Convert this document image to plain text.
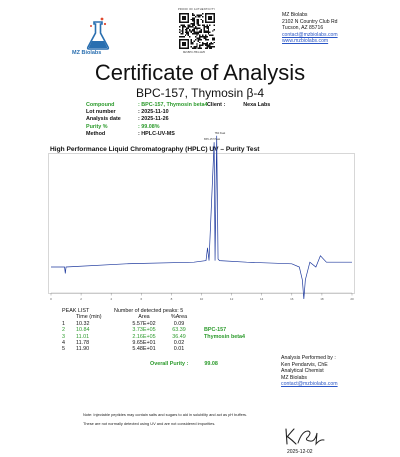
MZ Biolabs
PROOF OF AUTHENTICITY
MZ-BPC-TB4-1125
MZ Biolabs
2102 N Country Club Rd
Tucson, AZ 85716
contact@mzbiolabs.com
www.mzbiolabs.com
Certificate of Analysis
BPC-157, Thymosin β-4
Compound	: BPC-157, Thymosin beta4
Lot number	: 2025-11-10
Analysis date	: 2025-11-26
Purity %	: 99.08%
Method	: HPLC-UV-MS
Client :	Nexa Labs
High Performance Liquid Chromatography (HPLC) UV – Purity Test
0	2	4	6	8	10	12	14	16	18	20
BPC-157 Peak
TB4 Peak
PEAK LIST	Number of detected peaks: 5
	Time (min)	Area	%Area	
1	10.32	5.57E+02	0.09	
2	10.84	3.73E+05	63.39	BPC-157
3	11.01	2.16E+05	36.49	Thymosin beta4
4	11.78	9.65E+01	0.02	
5	11.90	5.48E+01	0.01	
Overall Purity :	99.08
Analysis Performed by :
Ken Pendarvis, ChE
Analytical Chemist
MZ Biolabs
contact@mzbiolabs.com
Note: Injectable peptides may contain salts and sugars to aid in solubility and act as pH buffers.
These are not normally detected using UV and are not considered impurities.
2025-12-02
